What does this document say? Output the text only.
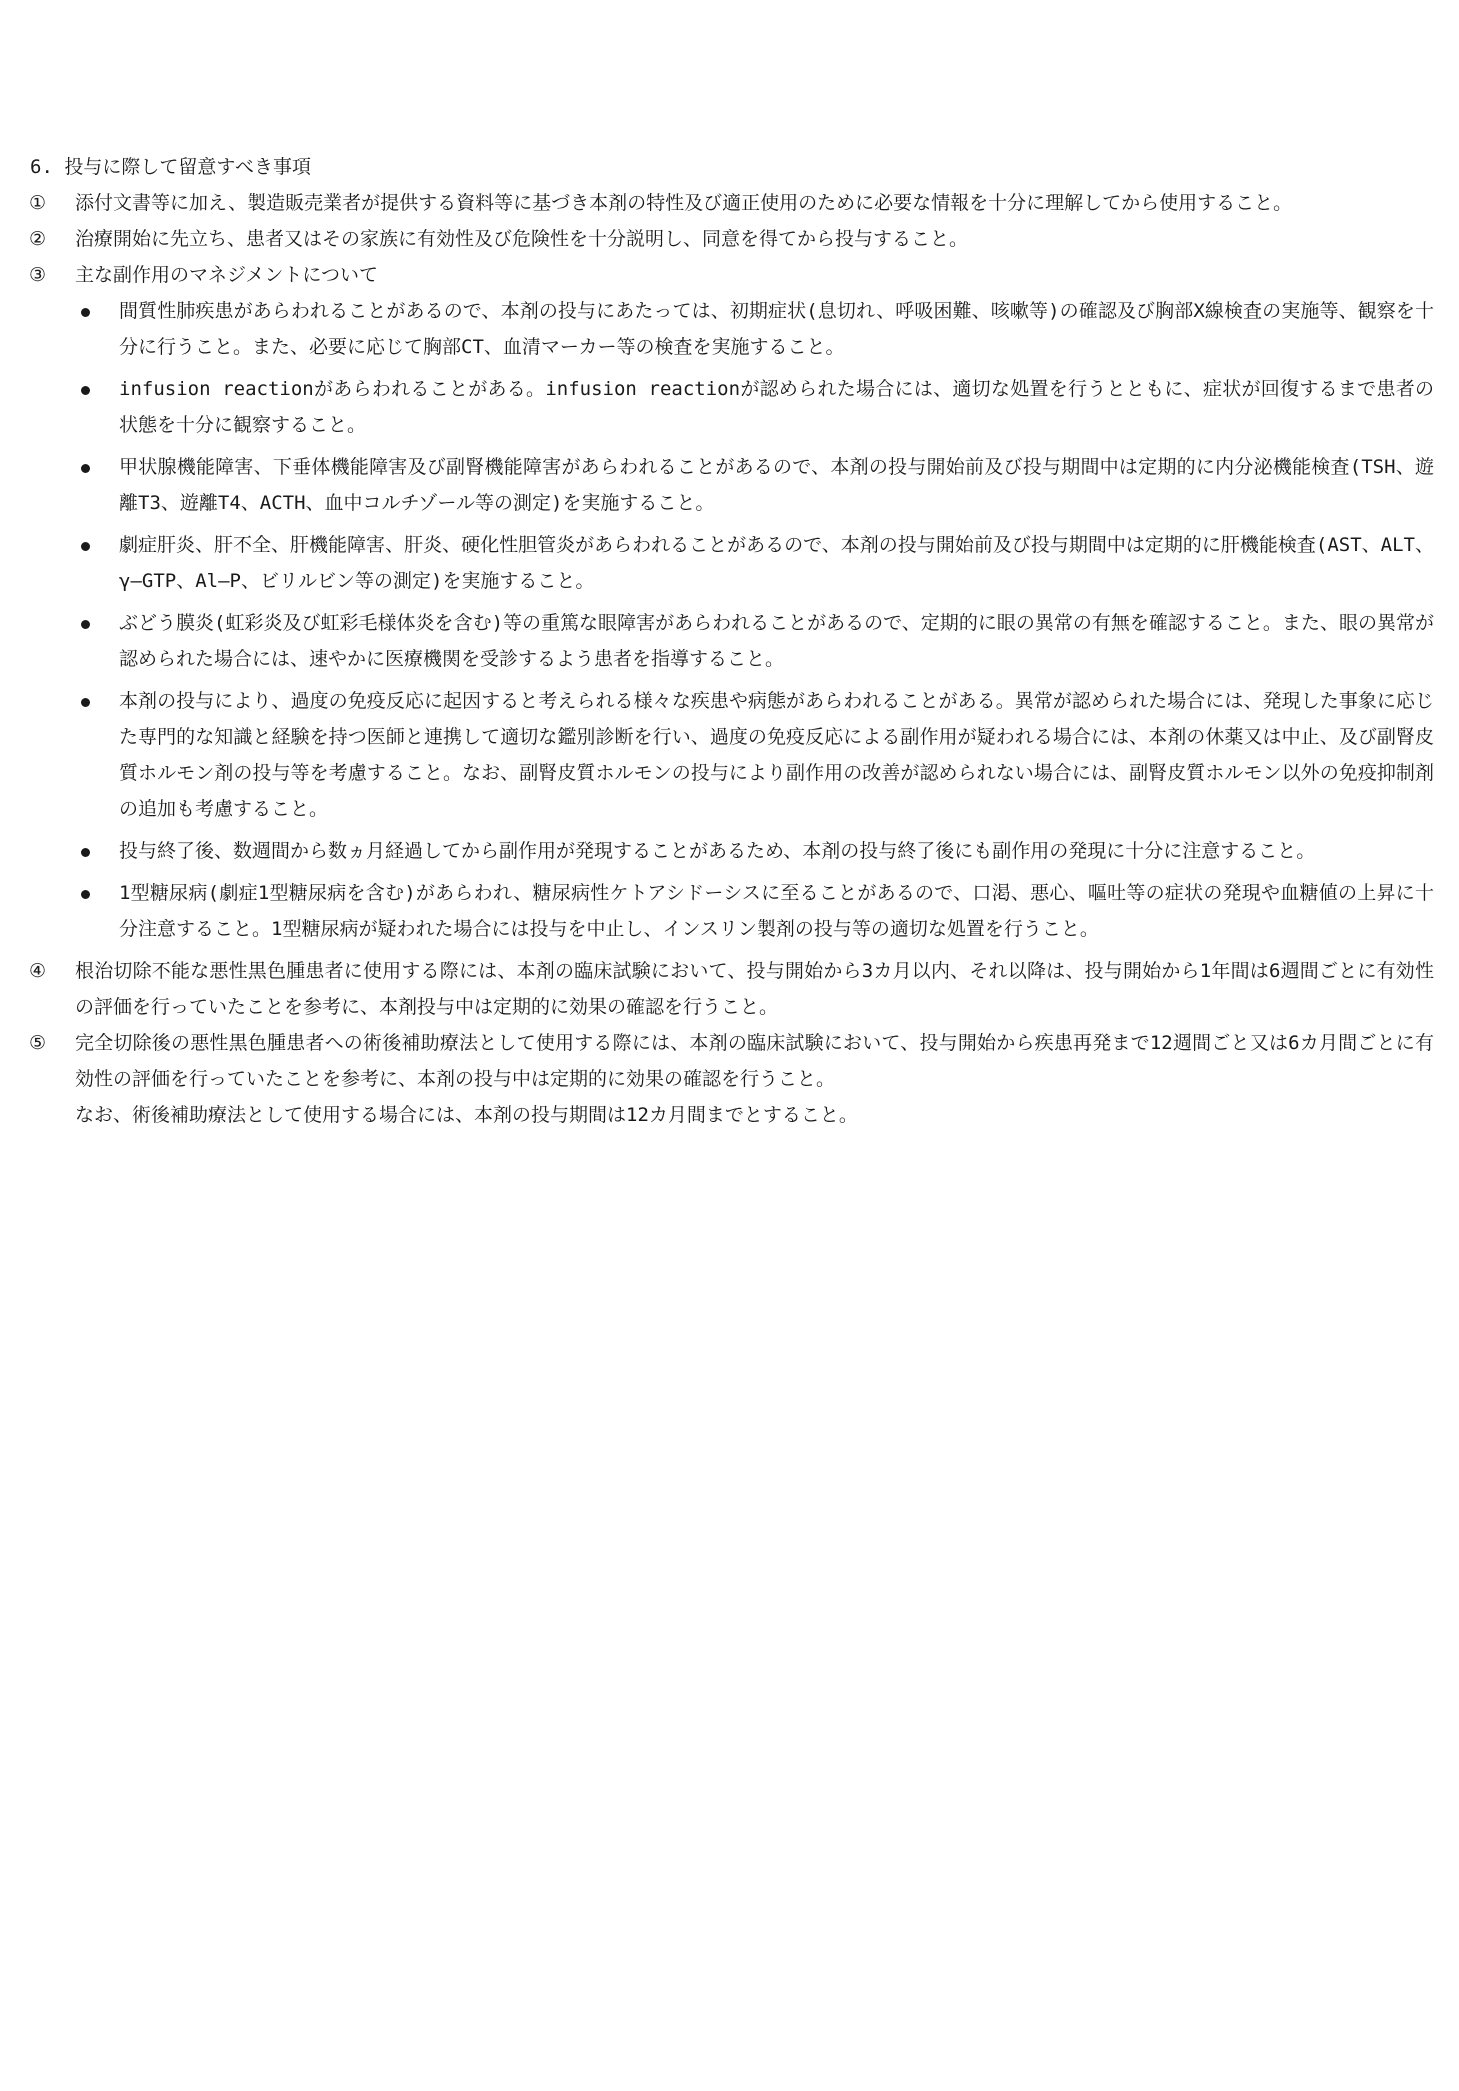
6. 投与に際して留意すべき事項
①	添付文書等に加え、製造販売業者が提供する資料等に基づき本剤の特性及び適正使用のために必要な情報を十分に理解してから使用すること。

②	治療開始に先立ち、患者又はその家族に有効性及び危険性を十分説明し、同意を得てから投与すること。

③	主な副作用のマネジメントについて

間質性肺疾患があらわれることがあるので、本剤の投与にあたっては、初期症状(息切れ、呼吸困難、咳嗽等)の確認及び胸部X線検査の実施等、観察を十分に行うこと。また、必要に応じて胸部CT、血清マーカー等の検査を実施すること。
infusion reactionがあらわれることがある。infusion reactionが認められた場合には、適切な処置を行うとともに、症状が回復するまで患者の状態を十分に観察すること。
甲状腺機能障害、下垂体機能障害及び副腎機能障害があらわれることがあるので、本剤の投与開始前及び投与期間中は定期的に内分泌機能検査(TSH、遊離T3、遊離T4、ACTH、血中コルチゾール等の測定)を実施すること。
劇症肝炎、肝不全、肝機能障害、肝炎、硬化性胆管炎があらわれることがあるので、本剤の投与開始前及び投与期間中は定期的に肝機能検査(AST、ALT、γ—GTP、Al—P、ビリルビン等の測定)を実施すること。
ぶどう膜炎(虹彩炎及び虹彩毛様体炎を含む)等の重篤な眼障害があらわれることがあるので、定期的に眼の異常の有無を確認すること。また、眼の異常が認められた場合には、速やかに医療機関を受診するよう患者を指導すること。
本剤の投与により、過度の免疫反応に起因すると考えられる様々な疾患や病態があらわれることがある。異常が認められた場合には、発現した事象に応じた専門的な知識と経験を持つ医師と連携して適切な鑑別診断を行い、過度の免疫反応による副作用が疑われる場合には、本剤の休薬又は中止、及び副腎皮質ホルモン剤の投与等を考慮すること。なお、副腎皮質ホルモンの投与により副作用の改善が認められない場合には、副腎皮質ホルモン以外の免疫抑制剤の追加も考慮すること。
投与終了後、数週間から数ヵ月経過してから副作用が発現することがあるため、本剤の投与終了後にも副作用の発現に十分に注意すること。
1型糖尿病(劇症1型糖尿病を含む)があらわれ、糖尿病性ケトアシドーシスに至ることがあるので、口渇、悪心、嘔吐等の症状の発現や血糖値の上昇に十分注意すること。1型糖尿病が疑われた場合には投与を中止し、インスリン製剤の投与等の適切な処置を行うこと。
④	根治切除不能な悪性黒色腫患者に使用する際には、本剤の臨床試験において、投与開始から3カ月以内、それ以降は、投与開始から1年間は6週間ごとに有効性の評価を行っていたことを参考に、本剤投与中は定期的に効果の確認を行うこと。

⑤	完全切除後の悪性黒色腫患者への術後補助療法として使用する際には、本剤の臨床試験において、投与開始から疾患再発まで12週間ごと又は6カ月間ごとに有効性の評価を行っていたことを参考に、本剤の投与中は定期的に効果の確認を行うこと。

なお、術後補助療法として使用する場合には、本剤の投与期間は12カ月間までとすること。
